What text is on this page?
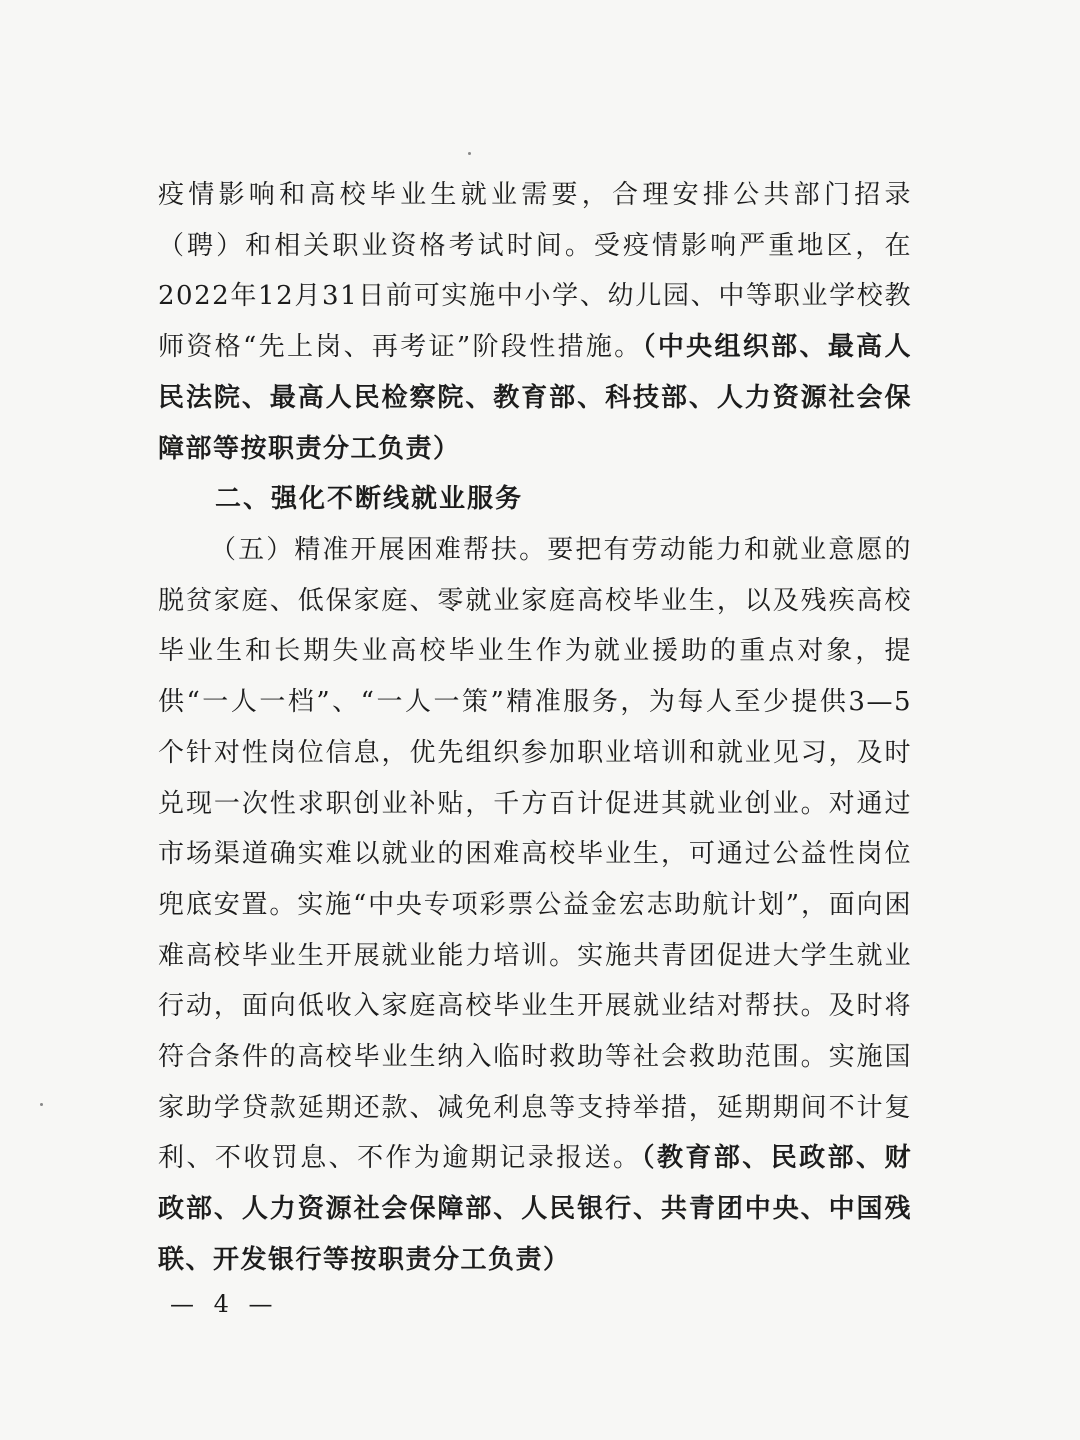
疫情影响和高校毕业生就业需要，合理安排公共部门招录（聘）和相关职业资格考试时间。受疫情影响严重地区，在2022年12月31日前可实施中小学、幼儿园、中等职业学校教师资格“先上岗、再考证”阶段性措施。（中央组织部、最高人民法院、最高人民检察院、教育部、科技部、人力资源社会保障部等按职责分工负责）
二、强化不断线就业服务
（五）精准开展困难帮扶。要把有劳动能力和就业意愿的脱贫家庭、低保家庭、零就业家庭高校毕业生，以及残疾高校毕业生和长期失业高校毕业生作为就业援助的重点对象，提供“一人一档”、“一人一策”精准服务，为每人至少提供3—5个针对性岗位信息，优先组织参加职业培训和就业见习，及时兑现一次性求职创业补贴，千方百计促进其就业创业。对通过市场渠道确实难以就业的困难高校毕业生，可通过公益性岗位兜底安置。实施“中央专项彩票公益金宏志助航计划”，面向困难高校毕业生开展就业能力培训。实施共青团促进大学生就业行动，面向低收入家庭高校毕业生开展就业结对帮扶。及时将符合条件的高校毕业生纳入临时救助等社会救助范围。实施国家助学贷款延期还款、减免利息等支持举措，延期期间不计复利、不收罚息、不作为逾期记录报送。（教育部、民政部、财政部、人力资源社会保障部、人民银行、共青团中央、中国残联、开发银行等按职责分工负责）
— 4 —
